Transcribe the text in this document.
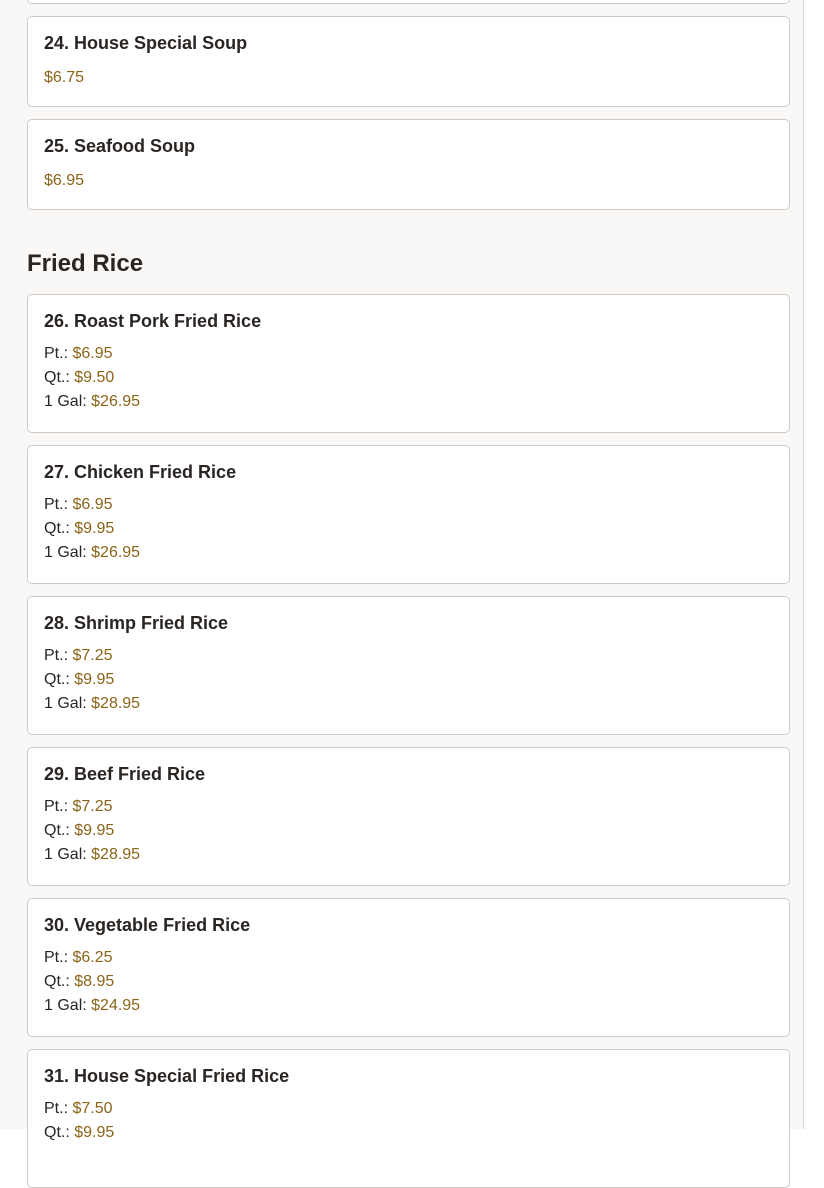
24. House Special Soup
$6.75
25. Seafood Soup
$6.95
Fried Rice
26. Roast Pork Fried Rice
Pt.: $6.95
Qt.: $9.50
1 Gal: $26.95
27. Chicken Fried Rice
Pt.: $6.95
Qt.: $9.95
1 Gal: $26.95
28. Shrimp Fried Rice
Pt.: $7.25
Qt.: $9.95
1 Gal: $28.95
29. Beef Fried Rice
Pt.: $7.25
Qt.: $9.95
1 Gal: $28.95
30. Vegetable Fried Rice
Pt.: $6.25
Qt.: $8.95
1 Gal: $24.95
31. House Special Fried Rice
Pt.: $7.50
Qt.: $9.95
